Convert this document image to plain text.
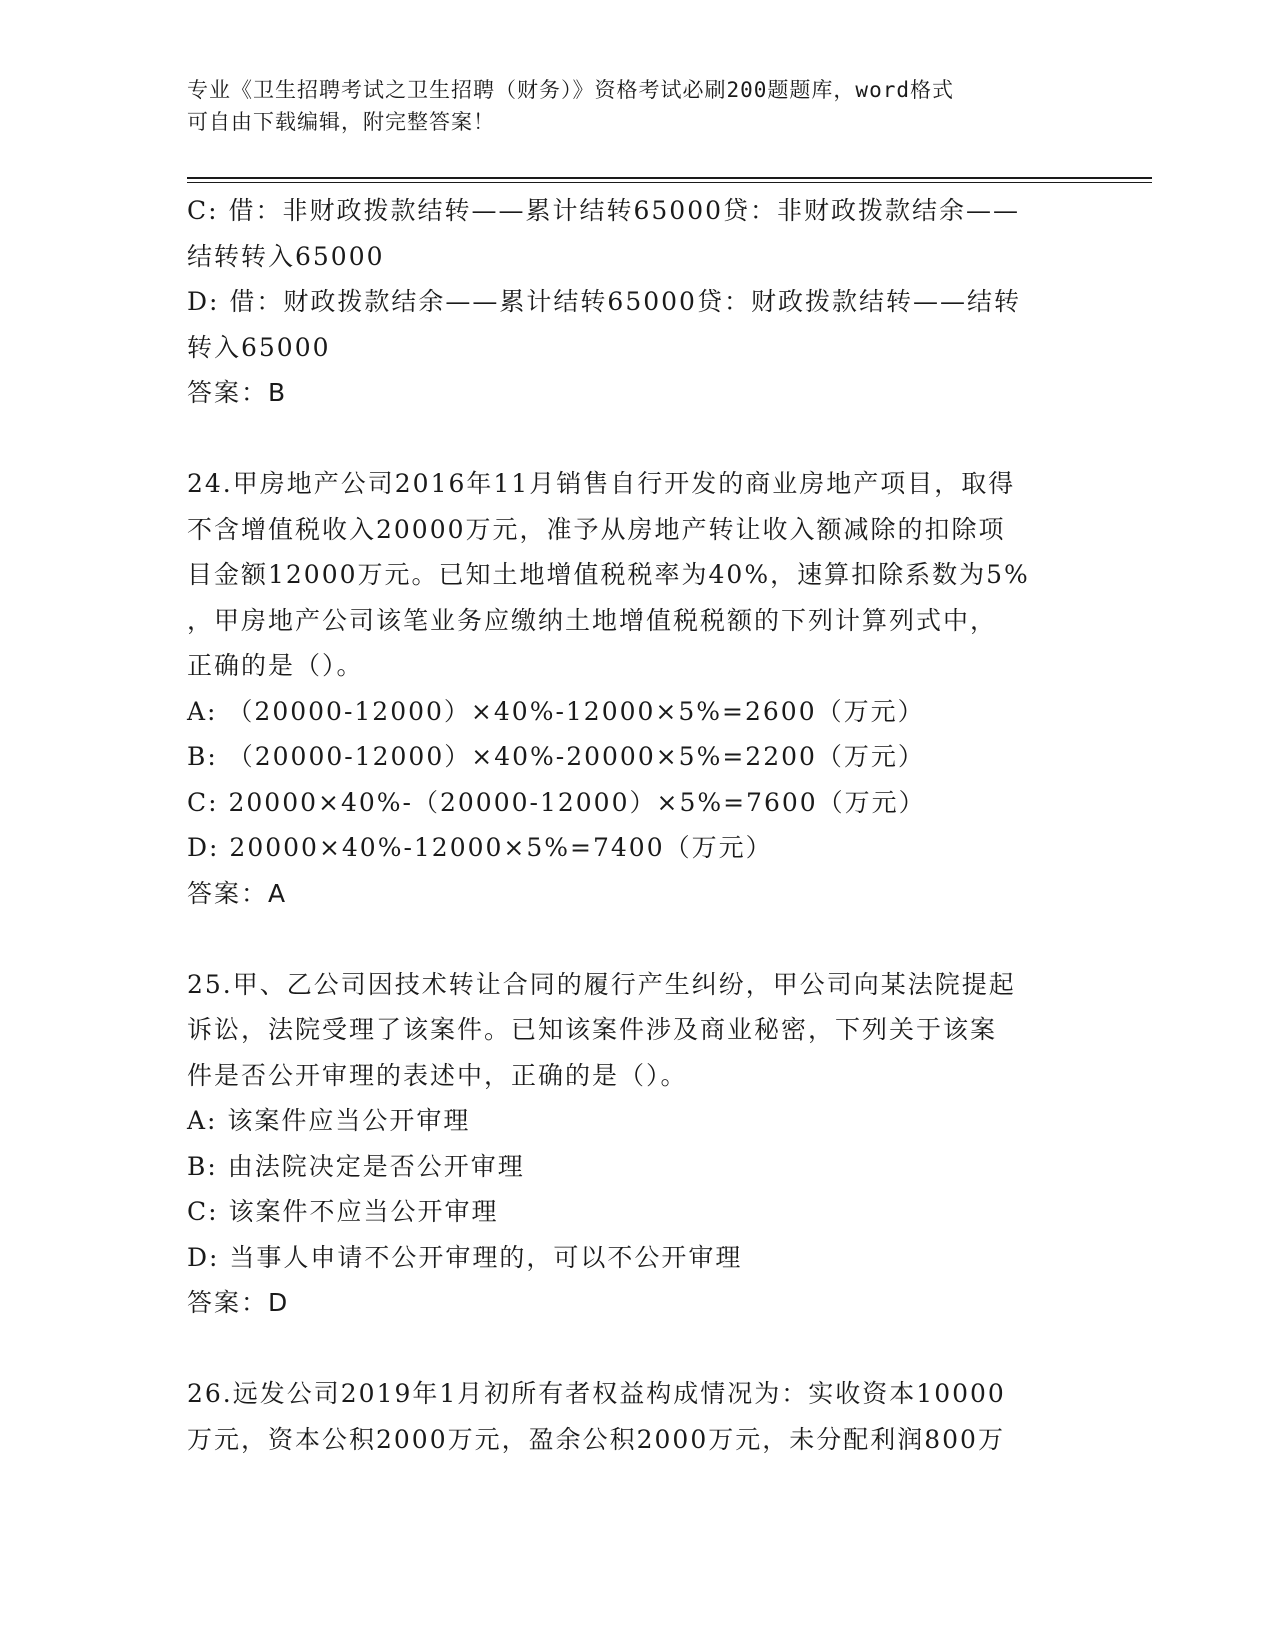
专业《卫生招聘考试之卫生招聘（财务）》资格考试必刷200题题库，word格式
可自由下载编辑，附完整答案！
C: 借：非财政拨款结转——累计结转65000贷：非财政拨款结余——
结转转入65000
D: 借：财政拨款结余——累计结转65000贷：财政拨款结转——结转
转入65000
答案：B
24.甲房地产公司2016年11月销售自行开发的商业房地产项目，取得
不含增值税收入20000万元，准予从房地产转让收入额减除的扣除项
目金额12000万元。已知土地增值税税率为40%，速算扣除系数为5%
，甲房地产公司该笔业务应缴纳土地增值税税额的下列计算列式中，
正确的是（）。
A: （20000-12000）×40%-12000×5%=2600（万元）
B: （20000-12000）×40%-20000×5%=2200（万元）
C: 20000×40%-（20000-12000）×5%=7600（万元）
D: 20000×40%-12000×5%=7400（万元）
答案：A
25.甲、乙公司因技术转让合同的履行产生纠纷，甲公司向某法院提起
诉讼，法院受理了该案件。已知该案件涉及商业秘密，下列关于该案
件是否公开审理的表述中，正确的是（）。
A: 该案件应当公开审理
B: 由法院决定是否公开审理
C: 该案件不应当公开审理
D: 当事人申请不公开审理的，可以不公开审理
答案：D
26.远发公司2019年1月初所有者权益构成情况为：实收资本10000
万元，资本公积2000万元，盈余公积2000万元，未分配利润800万
